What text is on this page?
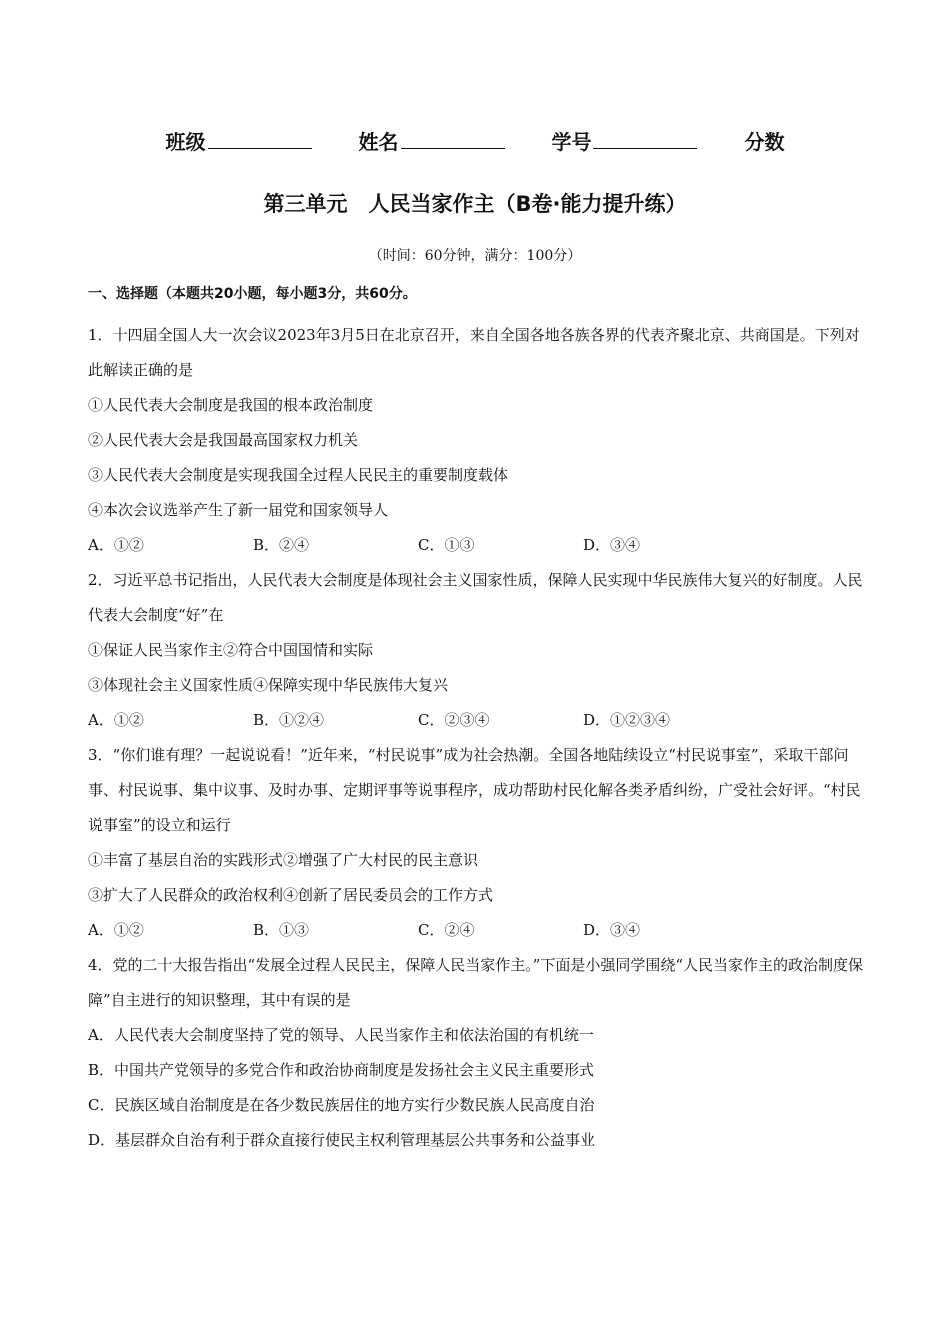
班级	姓名	学号	分数
第三单元　人民当家作主（B卷·能力提升练）
（时间：60分钟，满分：100分）
一、选择题（本题共20小题，每小题3分，共60分。
1．十四届全国人大一次会议2023年3月5日在北京召开，来自全国各地各族各界的代表齐聚北京、共商国是。下列对此解读正确的是
①人民代表大会制度是我国的根本政治制度
②人民代表大会是我国最高国家权力机关
③人民代表大会制度是实现我国全过程人民民主的重要制度载体
④本次会议选举产生了新一届党和国家领导人
A．①②	B．②④	C．①③	D．③④
2．习近平总书记指出，人民代表大会制度是体现社会主义国家性质，保障人民实现中华民族伟大复兴的好制度。人民代表大会制度“好”在
①保证人民当家作主②符合中国国情和实际
③体现社会主义国家性质④保障实现中华民族伟大复兴
A．①②	B．①②④	C．②③④	D．①②③④
3．“你们谁有理？一起说说看！”近年来，“村民说事”成为社会热潮。全国各地陆续设立“村民说事室”，采取干部问事、村民说事、集中议事、及时办事、定期评事等说事程序，成功帮助村民化解各类矛盾纠纷，广受社会好评。“村民说事室”的设立和运行
①丰富了基层自治的实践形式②增强了广大村民的民主意识
③扩大了人民群众的政治权利④创新了居民委员会的工作方式
A．①②	B．①③	C．②④	D．③④
4．党的二十大报告指出“发展全过程人民民主，保障人民当家作主。”下面是小强同学围绕“人民当家作主的政治制度保障”自主进行的知识整理，其中有误的是
A．人民代表大会制度坚持了党的领导、人民当家作主和依法治国的有机统一
B．中国共产党领导的多党合作和政治协商制度是发扬社会主义民主重要形式
C．民族区域自治制度是在各少数民族居住的地方实行少数民族人民高度自治
D．基层群众自治有利于群众直接行使民主权利管理基层公共事务和公益事业
